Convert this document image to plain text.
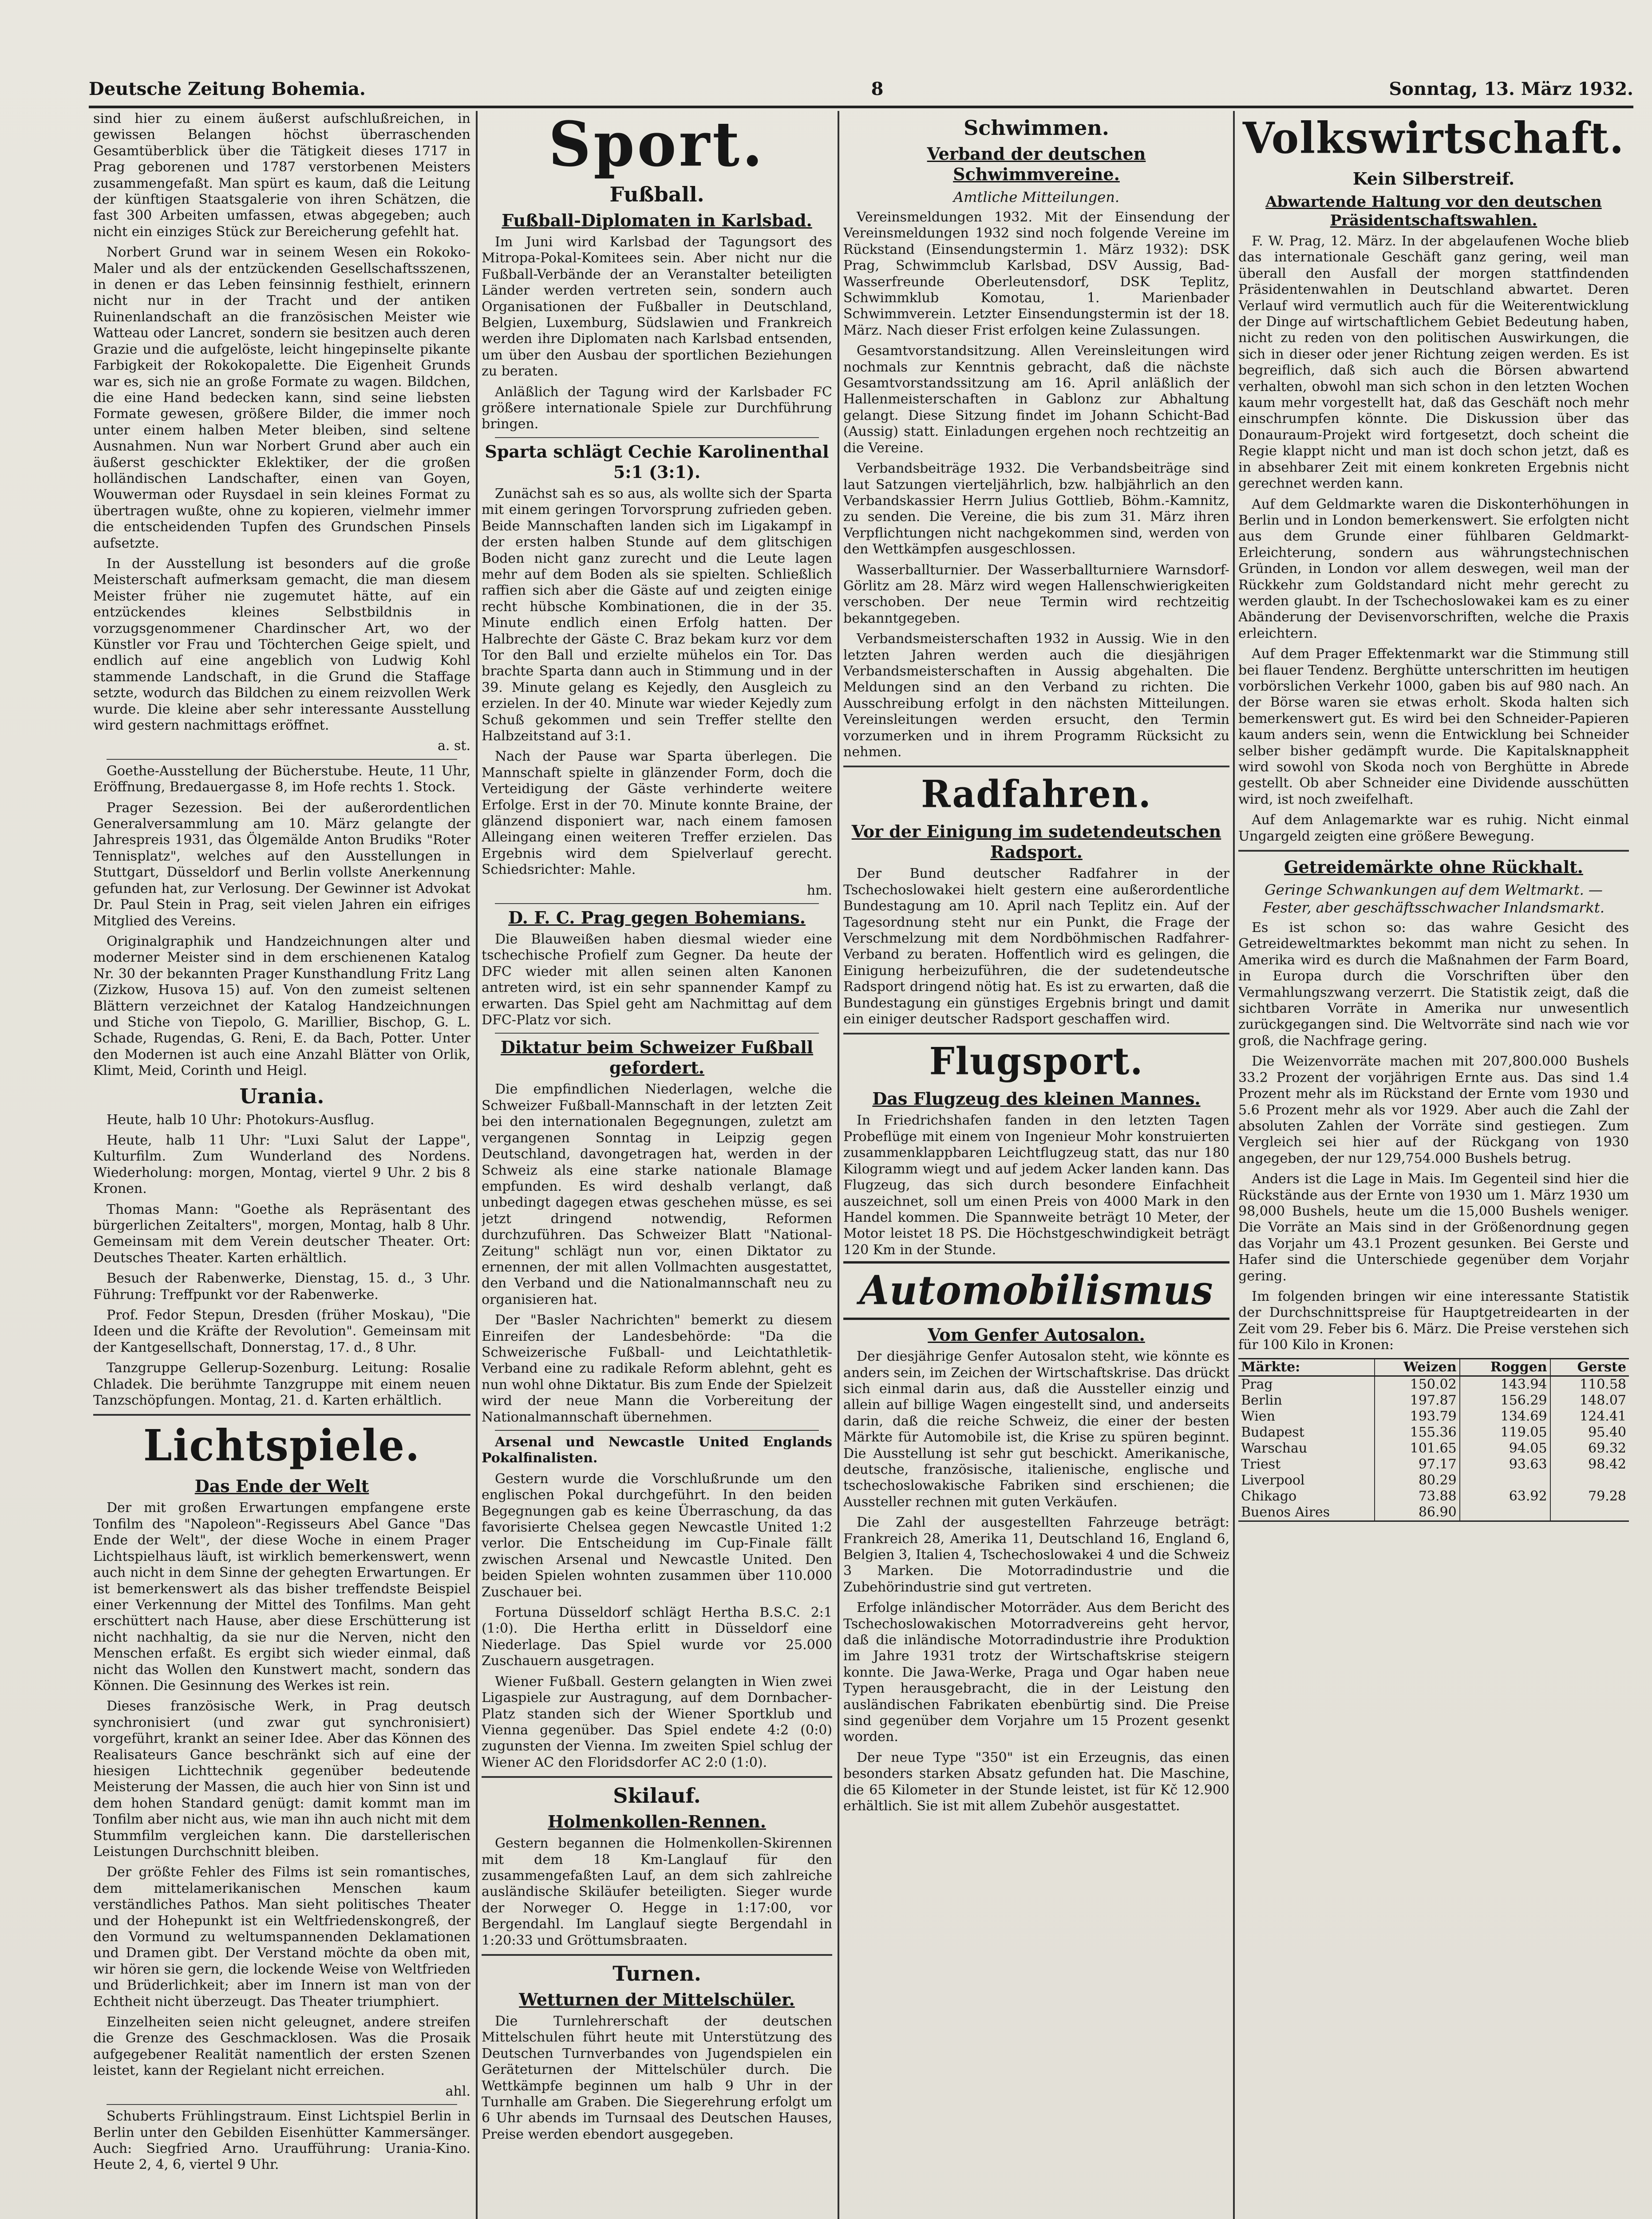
Deutsche Zeitung Bohemia.	8	Sonntag, 13. März 1932.

sind hier zu einem äußerst aufschlußreichen, in gewissen Belangen höchst überraschenden Gesamtüberblick über die Tätigkeit dieses 1717 in Prag geborenen und 1787 verstorbenen Meisters zusammengefaßt. Man spürt es kaum, daß die Leitung der künftigen Staatsgalerie von ihren Schätzen, die fast 300 Arbeiten umfassen, etwas abgegeben; auch nicht ein einziges Stück zur Bereicherung gefehlt hat.

Norbert Grund war in seinem Wesen ein Rokoko-Maler und als der entzückenden Gesellschaftsszenen, in denen er das Leben feinsinnig festhielt, erinnern nicht nur in der Tracht und der antiken Ruinenlandschaft an die französischen Meister wie Watteau oder Lancret, sondern sie besitzen auch deren Grazie und die aufgelöste, leicht hingepinselte pikante Farbigkeit der Rokokopalette. Die Eigenheit Grunds war es, sich nie an große Formate zu wagen. Bildchen, die eine Hand bedecken kann, sind seine liebsten Formate gewesen, größere Bilder, die immer noch unter einem halben Meter bleiben, sind seltene Ausnahmen. Nun war Norbert Grund aber auch ein äußerst geschickter Eklektiker, der die großen holländischen Landschafter, einen van Goyen, Wouwerman oder Ruysdael in sein kleines Format zu übertragen wußte, ohne zu kopieren, vielmehr immer die entscheidenden Tupfen des Grundschen Pinsels aufsetzte.

In der Ausstellung ist besonders auf die große Meisterschaft aufmerksam gemacht, die man diesem Meister früher nie zugemutet hätte, auf ein entzückendes kleines Selbstbildnis in vorzugsgenommener Chardinscher Art, wo der Künstler vor Frau und Töchterchen Geige spielt, und endlich auf eine angeblich von Ludwig Kohl stammende Landschaft, in die Grund die Staffage setzte, wodurch das Bildchen zu einem reizvollen Werk wurde. Die kleine aber sehr interessante Ausstellung wird gestern nachmittags eröffnet.

a. st.

Goethe-Ausstellung der Bücherstube. Heute, 11 Uhr, Eröffnung, Bredauergasse 8, im Hofe rechts 1. Stock.

Prager Sezession. Bei der außerordentlichen Generalversammlung am 10. März gelangte der Jahrespreis 1931, das Ölgemälde Anton Brudiks "Roter Tennisplatz", welches auf den Ausstellungen in Stuttgart, Düsseldorf und Berlin vollste Anerkennung gefunden hat, zur Verlosung. Der Gewinner ist Advokat Dr. Paul Stein in Prag, seit vielen Jahren ein eifriges Mitglied des Vereins.

Originalgraphik und Handzeichnungen alter und moderner Meister sind in dem erschienenen Katalog Nr. 30 der bekannten Prager Kunsthandlung Fritz Lang (Zizkow, Husova 15) auf. Von den zumeist seltenen Blättern verzeichnet der Katalog Handzeichnungen und Stiche von Tiepolo, G. Marillier, Bischop, G. L. Schade, Rugendas, G. Reni, E. da Bach, Potter. Unter den Modernen ist auch eine Anzahl Blätter von Orlik, Klimt, Meid, Corinth und Heigl.

Urania.

Heute, halb 10 Uhr: Photokurs-Ausflug.

Heute, halb 11 Uhr: "Luxi Salut der Lappe", Kulturfilm. Zum Wunderland des Nordens. Wiederholung: morgen, Montag, viertel 9 Uhr. 2 bis 8 Kronen.

Thomas Mann: "Goethe als Repräsentant des bürgerlichen Zeitalters", morgen, Montag, halb 8 Uhr. Gemeinsam mit dem Verein deutscher Theater. Ort: Deutsches Theater. Karten erhältlich.

Besuch der Rabenwerke, Dienstag, 15. d., 3 Uhr. Führung: Treffpunkt vor der Rabenwerke.

Prof. Fedor Stepun, Dresden (früher Moskau), "Die Ideen und die Kräfte der Revolution". Gemeinsam mit der Kantgesellschaft, Donnerstag, 17. d., 8 Uhr.

Tanzgruppe Gellerup-Sozenburg. Leitung: Rosalie Chladek. Die berühmte Tanzgruppe mit einem neuen Tanzschöpfungen. Montag, 21. d. Karten erhältlich.

Lichtspiele.
Das Ende der Welt

Der mit großen Erwartungen empfangene erste Tonfilm des "Napoleon"-Regisseurs Abel Gance "Das Ende der Welt", der diese Woche in einem Prager Lichtspielhaus läuft, ist wirklich bemerkenswert, wenn auch nicht in dem Sinne der gehegten Erwartungen. Er ist bemerkenswert als das bisher treffendste Beispiel einer Verkennung der Mittel des Tonfilms. Man geht erschüttert nach Hause, aber diese Erschütterung ist nicht nachhaltig, da sie nur die Nerven, nicht den Menschen erfaßt. Es ergibt sich wieder einmal, daß nicht das Wollen den Kunstwert macht, sondern das Können. Die Gesinnung des Werkes ist rein.

Dieses französische Werk, in Prag deutsch synchronisiert (und zwar gut synchronisiert) vorgeführt, krankt an seiner Idee. Aber das Können des Realisateurs Gance beschränkt sich auf eine der hiesigen Lichttechnik gegenüber bedeutende Meisterung der Massen, die auch hier von Sinn ist und dem hohen Standard genügt: damit kommt man im Tonfilm aber nicht aus, wie man ihn auch nicht mit dem Stummfilm vergleichen kann. Die darstellerischen Leistungen Durchschnitt bleiben.

Der größte Fehler des Films ist sein romantisches, dem mittelamerikanischen Menschen kaum verständliches Pathos. Man sieht politisches Theater und der Hohepunkt ist ein Weltfriedenskongreß, der den Vormund zu weltumspannenden Deklamationen und Dramen gibt. Der Verstand möchte da oben mit, wir hören sie gern, die lockende Weise von Weltfrieden und Brüderlichkeit; aber im Innern ist man von der Echtheit nicht überzeugt. Das Theater triumphiert.

Einzelheiten seien nicht geleugnet, andere streifen die Grenze des Geschmacklosen. Was die Prosaik aufgegebener Realität namentlich der ersten Szenen leistet, kann der Regielant nicht erreichen.

ahl.

Schuberts Frühlingstraum. Einst Lichtspiel Berlin in Berlin unter den Gebilden Eisenhütter Kammersänger. Auch: Siegfried Arno. Uraufführung: Urania-Kino. Heute 2, 4, 6, viertel 9 Uhr.

Sport.
Fußball.
Fußball-Diplomaten in Karlsbad.

Im Juni wird Karlsbad der Tagungsort des Mitropa-Pokal-Komitees sein. Aber nicht nur die Fußball-Verbände der an Veranstalter beteiligten Länder werden vertreten sein, sondern auch Organisationen der Fußballer in Deutschland, Belgien, Luxemburg, Südslawien und Frankreich werden ihre Diplomaten nach Karlsbad entsenden, um über den Ausbau der sportlichen Beziehungen zu beraten.

Anläßlich der Tagung wird der Karlsbader FC größere internationale Spiele zur Durchführung bringen.

Sparta schlägt Cechie Karolinenthal 5:1 (3:1).

Zunächst sah es so aus, als wollte sich der Sparta mit einem geringen Torvorsprung zufrieden geben. Beide Mannschaften landen sich im Ligakampf in der ersten halben Stunde auf dem glitschigen Boden nicht ganz zurecht und die Leute lagen mehr auf dem Boden als sie spielten. Schließlich raffien sich aber die Gäste auf und zeigten einige recht hübsche Kombinationen, die in der 35. Minute endlich einen Erfolg hatten. Der Halbrechte der Gäste C. Braz bekam kurz vor dem Tor den Ball und erzielte mühelos ein Tor. Das brachte Sparta dann auch in Stimmung und in der 39. Minute gelang es Kejedly, den Ausgleich zu erzielen. In der 40. Minute war wieder Kejedly zum Schuß gekommen und sein Treffer stellte den Halbzeitstand auf 3:1.

Nach der Pause war Sparta überlegen. Die Mannschaft spielte in glänzender Form, doch die Verteidigung der Gäste verhinderte weitere Erfolge. Erst in der 70. Minute konnte Braine, der glänzend disponiert war, nach einem famosen Alleingang einen weiteren Treffer erzielen. Das Ergebnis wird dem Spielverlauf gerecht. Schiedsrichter: Mahle.

hm.

D. F. C. Prag gegen Bohemians.

Die Blauweißen haben diesmal wieder eine tschechische Profielf zum Gegner. Da heute der DFC wieder mit allen seinen alten Kanonen antreten wird, ist ein sehr spannender Kampf zu erwarten. Das Spiel geht am Nachmittag auf dem DFC-Platz vor sich.

Diktatur beim Schweizer Fußball gefordert.

Die empfindlichen Niederlagen, welche die Schweizer Fußball-Mannschaft in der letzten Zeit bei den internationalen Begegnungen, zuletzt am vergangenen Sonntag in Leipzig gegen Deutschland, davongetragen hat, werden in der Schweiz als eine starke nationale Blamage empfunden. Es wird deshalb verlangt, daß unbedingt dagegen etwas geschehen müsse, es sei jetzt dringend notwendig, Reformen durchzuführen. Das Schweizer Blatt "National-Zeitung" schlägt nun vor, einen Diktator zu ernennen, der mit allen Vollmachten ausgestattet, den Verband und die Nationalmannschaft neu zu organisieren hat.

Der "Basler Nachrichten" bemerkt zu diesem Einreifen der Landesbehörde: "Da die Schweizerische Fußball- und Leichtathletik-Verband eine zu radikale Reform ablehnt, geht es nun wohl ohne Diktatur. Bis zum Ende der Spielzeit wird der neue Mann die Vorbereitung der Nationalmannschaft übernehmen.

Arsenal und Newcastle United Englands Pokalfinalisten.

Gestern wurde die Vorschlußrunde um den englischen Pokal durchgeführt. In den beiden Begegnungen gab es keine Überraschung, da das favorisierte Chelsea gegen Newcastle United 1:2 verlor. Die Entscheidung im Cup-Finale fällt zwischen Arsenal und Newcastle United. Den beiden Spielen wohnten zusammen über 110.000 Zuschauer bei.

Fortuna Düsseldorf schlägt Hertha B.S.C. 2:1 (1:0). Die Hertha erlitt in Düsseldorf eine Niederlage. Das Spiel wurde vor 25.000 Zuschauern ausgetragen.

Wiener Fußball. Gestern gelangten in Wien zwei Ligaspiele zur Austragung, auf dem Dornbacher-Platz standen sich der Wiener Sportklub und Vienna gegenüber. Das Spiel endete 4:2 (0:0) zugunsten der Vienna. Im zweiten Spiel schlug der Wiener AC den Floridsdorfer AC 2:0 (1:0).

Skilauf.
Holmenkollen-Rennen.

Gestern begannen die Holmenkollen-Skirennen mit dem 18 Km-Langlauf für den zusammengefaßten Lauf, an dem sich zahlreiche ausländische Skiläufer beteiligten. Sieger wurde der Norweger O. Hegge in 1:17:00, vor Bergendahl. Im Langlauf siegte Bergendahl in 1:20:33 und Gröttumsbraaten.

Turnen.
Wetturnen der Mittelschüler.

Die Turnlehrerschaft der deutschen Mittelschulen führt heute mit Unterstützung des Deutschen Turnverbandes von Jugendspielen ein Geräteturnen der Mittelschüler durch. Die Wettkämpfe beginnen um halb 9 Uhr in der Turnhalle am Graben. Die Siegerehrung erfolgt um 6 Uhr abends im Turnsaal des Deutschen Hauses, Preise werden ebendort ausgegeben.

Schwimmen.
Verband der deutschen Schwimmvereine.
Amtliche Mitteilungen.

Vereinsmeldungen 1932. Mit der Einsendung der Vereinsmeldungen 1932 sind noch folgende Vereine im Rückstand (Einsendungstermin 1. März 1932): DSK Prag, Schwimmclub Karlsbad, DSV Aussig, Bad-Wasserfreunde Oberleutensdorf, DSK Teplitz, Schwimmklub Komotau, 1. Marienbader Schwimmverein. Letzter Einsendungstermin ist der 18. März. Nach dieser Frist erfolgen keine Zulassungen.

Gesamtvorstandsitzung. Allen Vereinsleitungen wird nochmals zur Kenntnis gebracht, daß die nächste Gesamtvorstandssitzung am 16. April anläßlich der Hallenmeisterschaften in Gablonz zur Abhaltung gelangt. Diese Sitzung findet im Johann Schicht-Bad (Aussig) statt. Einladungen ergehen noch rechtzeitig an die Vereine.

Verbandsbeiträge 1932. Die Verbandsbeiträge sind laut Satzungen vierteljährlich, bzw. halbjährlich an den Verbandskassier Herrn Julius Gottlieb, Böhm.-Kamnitz, zu senden. Die Vereine, die bis zum 31. März ihren Verpflichtungen nicht nachgekommen sind, werden von den Wettkämpfen ausgeschlossen.

Wasserballturnier. Der Wasserballturniere Warnsdorf-Görlitz am 28. März wird wegen Hallenschwierigkeiten verschoben. Der neue Termin wird rechtzeitig bekanntgegeben.

Verbandsmeisterschaften 1932 in Aussig. Wie in den letzten Jahren werden auch die diesjährigen Verbandsmeisterschaften in Aussig abgehalten. Die Meldungen sind an den Verband zu richten. Die Ausschreibung erfolgt in den nächsten Mitteilungen. Vereinsleitungen werden ersucht, den Termin vorzumerken und in ihrem Programm Rücksicht zu nehmen.

Radfahren.
Vor der Einigung im sudetendeutschen Radsport.

Der Bund deutscher Radfahrer in der Tschechoslowakei hielt gestern eine außerordentliche Bundestagung am 10. April nach Teplitz ein. Auf der Tagesordnung steht nur ein Punkt, die Frage der Verschmelzung mit dem Nordböhmischen Radfahrer-Verband zu beraten. Hoffentlich wird es gelingen, die Einigung herbeizuführen, die der sudetendeutsche Radsport dringend nötig hat. Es ist zu erwarten, daß die Bundestagung ein günstiges Ergebnis bringt und damit ein einiger deutscher Radsport geschaffen wird.

Flugsport.
Das Flugzeug des kleinen Mannes.

In Friedrichshafen fanden in den letzten Tagen Probeflüge mit einem von Ingenieur Mohr konstruierten zusammenklappbaren Leichtflugzeug statt, das nur 180 Kilogramm wiegt und auf jedem Acker landen kann. Das Flugzeug, das sich durch besondere Einfachheit auszeichnet, soll um einen Preis von 4000 Mark in den Handel kommen. Die Spannweite beträgt 10 Meter, der Motor leistet 18 PS. Die Höchstgeschwindigkeit beträgt 120 Km in der Stunde.

Automobilismus
Vom Genfer Autosalon.

Der diesjährige Genfer Autosalon steht, wie könnte es anders sein, im Zeichen der Wirtschaftskrise. Das drückt sich einmal darin aus, daß die Aussteller einzig und allein auf billige Wagen eingestellt sind, und anderseits darin, daß die reiche Schweiz, die einer der besten Märkte für Automobile ist, die Krise zu spüren beginnt. Die Ausstellung ist sehr gut beschickt. Amerikanische, deutsche, französische, italienische, englische und tschechoslowakische Fabriken sind erschienen; die Aussteller rechnen mit guten Verkäufen.

Die Zahl der ausgestellten Fahrzeuge beträgt: Frankreich 28, Amerika 11, Deutschland 16, England 6, Belgien 3, Italien 4, Tschechoslowakei 4 und die Schweiz 3 Marken. Die Motorradindustrie und die Zubehörindustrie sind gut vertreten.

Erfolge inländischer Motorräder. Aus dem Bericht des Tschechoslowakischen Motorradvereins geht hervor, daß die inländische Motorradindustrie ihre Produktion im Jahre 1931 trotz der Wirtschaftskrise steigern konnte. Die Jawa-Werke, Praga und Ogar haben neue Typen herausgebracht, die in der Leistung den ausländischen Fabrikaten ebenbürtig sind. Die Preise sind gegenüber dem Vorjahre um 15 Prozent gesenkt worden.

Der neue Type "350" ist ein Erzeugnis, das einen besonders starken Absatz gefunden hat. Die Maschine, die 65 Kilometer in der Stunde leistet, ist für Kč 12.900 erhältlich. Sie ist mit allem Zubehör ausgestattet.

Volkswirtschaft.
Kein Silberstreif.
Abwartende Haltung vor den deutschen Präsidentschaftswahlen.

F. W. Prag, 12. März. In der abgelaufenen Woche blieb das internationale Geschäft ganz gering, weil man überall den Ausfall der morgen stattfindenden Präsidentenwahlen in Deutschland abwartet. Deren Verlauf wird vermutlich auch für die Weiterentwicklung der Dinge auf wirtschaftlichem Gebiet Bedeutung haben, nicht zu reden von den politischen Auswirkungen, die sich in dieser oder jener Richtung zeigen werden. Es ist begreiflich, daß sich auch die Börsen abwartend verhalten, obwohl man sich schon in den letzten Wochen kaum mehr vorgestellt hat, daß das Geschäft noch mehr einschrumpfen könnte. Die Diskussion über das Donauraum-Projekt wird fortgesetzt, doch scheint die Regie klappt nicht und man ist doch schon jetzt, daß es in absehbarer Zeit mit einem konkreten Ergebnis nicht gerechnet werden kann.

Auf dem Geldmarkte waren die Diskonterhöhungen in Berlin und in London bemerkenswert. Sie erfolgten nicht aus dem Grunde einer fühlbaren Geldmarkt-Erleichterung, sondern aus währungstechnischen Gründen, in London vor allem deswegen, weil man der Rückkehr zum Goldstandard nicht mehr gerecht zu werden glaubt. In der Tschechoslowakei kam es zu einer Abänderung der Devisenvorschriften, welche die Praxis erleichtern.

Auf dem Prager Effektenmarkt war die Stimmung still bei flauer Tendenz. Berghütte unterschritten im heutigen vorbörslichen Verkehr 1000, gaben bis auf 980 nach. An der Börse waren sie etwas erholt. Skoda halten sich bemerkenswert gut. Es wird bei den Schneider-Papieren kaum anders sein, wenn die Entwicklung bei Schneider selber bisher gedämpft wurde. Die Kapitalsknappheit wird sowohl von Skoda noch von Berghütte in Abrede gestellt. Ob aber Schneider eine Dividende ausschütten wird, ist noch zweifelhaft.

Auf dem Anlagemarkte war es ruhig. Nicht einmal Ungargeld zeigten eine größere Bewegung.

Getreidemärkte ohne Rückhalt.
Geringe Schwankungen auf dem Weltmarkt. — Fester, aber geschäftsschwacher Inlandsmarkt.

Es ist schon so: das wahre Gesicht des Getreideweltmarktes bekommt man nicht zu sehen. In Amerika wird es durch die Maßnahmen der Farm Board, in Europa durch die Vorschriften über den Vermahlungszwang verzerrt. Die Statistik zeigt, daß die sichtbaren Vorräte in Amerika nur unwesentlich zurückgegangen sind. Die Weltvorräte sind nach wie vor groß, die Nachfrage gering.

Die Weizenvorräte machen mit 207,800.000 Bushels 33.2 Prozent der vorjährigen Ernte aus. Das sind 1.4 Prozent mehr als im Rückstand der Ernte vom 1930 und 5.6 Prozent mehr als vor 1929. Aber auch die Zahl der absoluten Zahlen der Vorräte sind gestiegen. Zum Vergleich sei hier auf der Rückgang von 1930 angegeben, der nur 129,754.000 Bushels betrug.

Anders ist die Lage in Mais. Im Gegenteil sind hier die Rückstände aus der Ernte von 1930 um 1. März 1930 um 98,000 Bushels, heute um die 15,000 Bushels weniger. Die Vorräte an Mais sind in der Größenordnung gegen das Vorjahr um 43.1 Prozent gesunken. Bei Gerste und Hafer sind die Unterschiede gegenüber dem Vorjahr gering.

Im folgenden bringen wir eine interessante Statistik der Durchschnittspreise für Hauptgetreidearten in der Zeit vom 29. Feber bis 6. März. Die Preise verstehen sich für 100 Kilo in Kronen:

Märkte:	Weizen	Roggen	Gerste
Prag	150.02	143.94	110.58
Berlin	197.87	156.29	148.07
Wien	193.79	134.69	124.41
Budapest	155.36	119.05	95.40
Warschau	101.65	94.05	69.32
Triest	97.17	93.63	98.42
Liverpool	80.29		
Chikago	73.88	63.92	79.28
Buenos Aires	86.90		
